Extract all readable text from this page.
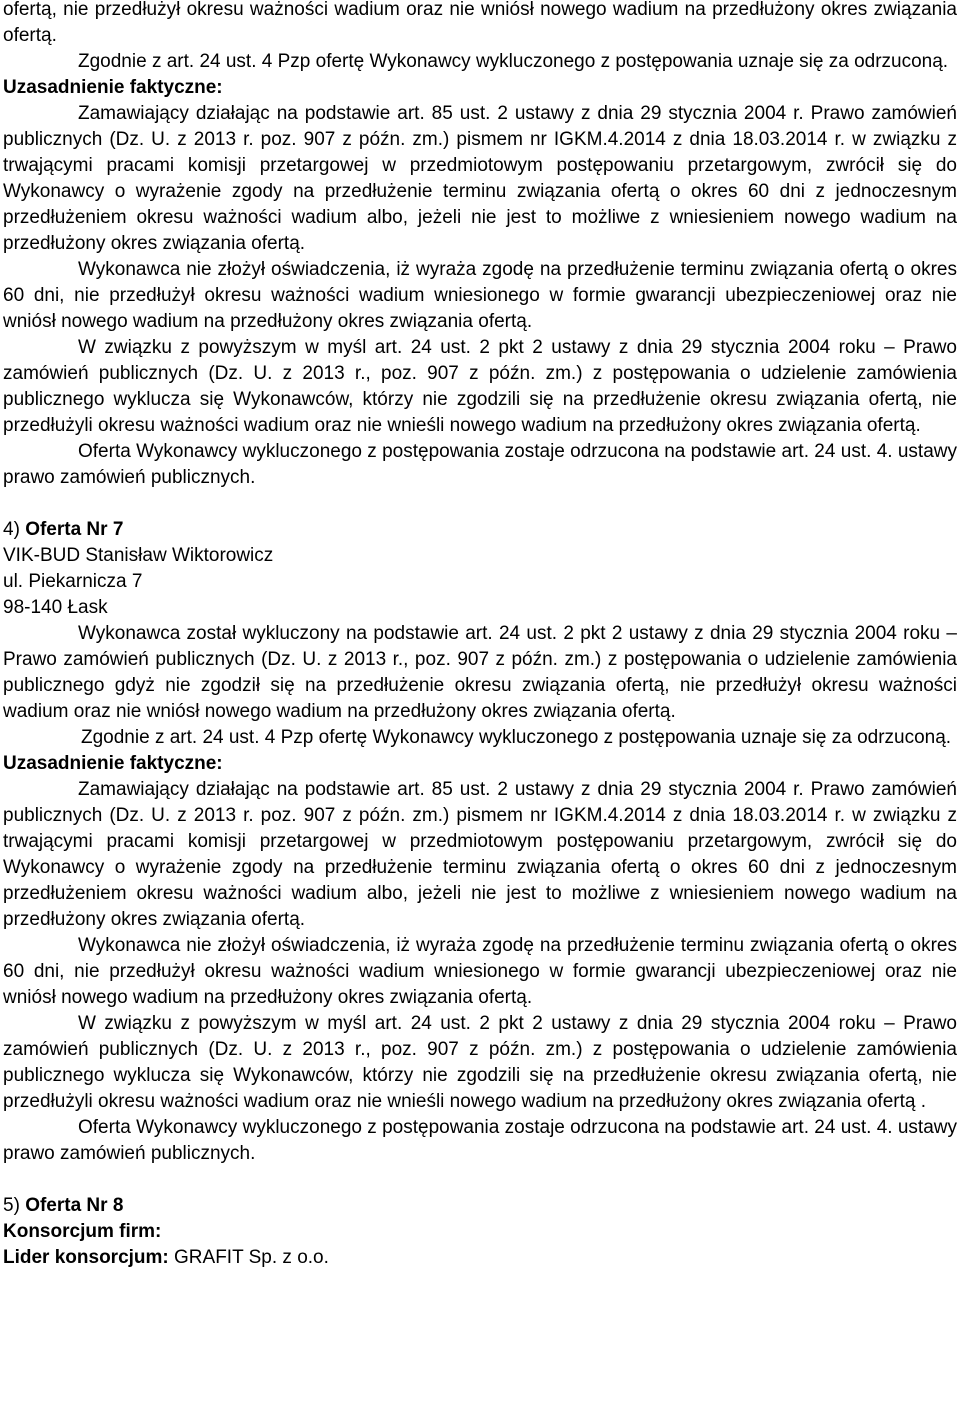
ofertą, nie przedłużył okresu ważności wadium oraz nie wniósł nowego wadium na przedłużony okres związania ofertą.

Zgodnie z art. 24 ust. 4 Pzp ofertę Wykonawcy wykluczonego z postępowania uznaje się za odrzuconą.

Uzasadnienie faktyczne:

Zamawiający działając na podstawie art. 85 ust. 2 ustawy z dnia 29 stycznia 2004 r. Prawo zamówień publicznych (Dz. U. z 2013 r. poz. 907 z późn. zm.) pismem nr IGKM.4.2014 z dnia 18.03.2014 r. w związku z trwającymi pracami komisji przetargowej w przedmiotowym postępowaniu przetargowym, zwrócił się do Wykonawcy o wyrażenie zgody na przedłużenie terminu związania ofertą o okres 60 dni z jednoczesnym przedłużeniem okresu ważności wadium albo, jeżeli nie jest to możliwe z wniesieniem nowego wadium na przedłużony okres związania ofertą.

Wykonawca nie złożył oświadczenia, iż wyraża zgodę na przedłużenie terminu związania ofertą o okres 60 dni, nie przedłużył okresu ważności wadium wniesionego w formie gwarancji ubezpieczeniowej oraz nie wniósł nowego wadium na przedłużony okres związania ofertą.

W związku z powyższym w myśl art. 24 ust. 2 pkt 2 ustawy z dnia 29 stycznia 2004 roku – Prawo zamówień publicznych (Dz. U. z 2013 r., poz. 907 z późn. zm.) z postępowania o udzielenie zamówienia publicznego wyklucza się Wykonawców, którzy nie zgodzili się na przedłużenie okresu związania ofertą, nie przedłużyli okresu ważności wadium oraz nie wnieśli nowego wadium na przedłużony okres związania ofertą.

Oferta Wykonawcy wykluczonego z postępowania zostaje odrzucona na podstawie art. 24 ust. 4. ustawy prawo zamówień publicznych.

4) Oferta Nr 7

VIK-BUD Stanisław Wiktorowicz

ul. Piekarnicza 7

98-140 Łask

Wykonawca został wykluczony na podstawie art. 24 ust. 2 pkt 2 ustawy z dnia 29 stycznia 2004 roku – Prawo zamówień publicznych (Dz. U. z 2013 r., poz. 907 z późn. zm.) z postępowania o udzielenie zamówienia publicznego gdyż nie zgodził się na przedłużenie okresu związania ofertą, nie przedłużył okresu ważności wadium oraz nie wniósł nowego wadium na przedłużony okres związania ofertą.

Zgodnie z art. 24 ust. 4 Pzp ofertę Wykonawcy wykluczonego z postępowania uznaje się za odrzuconą.

Uzasadnienie faktyczne:

Zamawiający działając na podstawie art. 85 ust. 2 ustawy z dnia 29 stycznia 2004 r. Prawo zamówień publicznych (Dz. U. z 2013 r. poz. 907 z późn. zm.) pismem nr IGKM.4.2014 z dnia 18.03.2014 r. w związku z trwającymi pracami komisji przetargowej w przedmiotowym postępowaniu przetargowym, zwrócił się do Wykonawcy o wyrażenie zgody na przedłużenie terminu związania ofertą o okres 60 dni z jednoczesnym przedłużeniem okresu ważności wadium albo, jeżeli nie jest to możliwe z wniesieniem nowego wadium na przedłużony okres związania ofertą.

Wykonawca nie złożył oświadczenia, iż wyraża zgodę na przedłużenie terminu związania ofertą o okres 60 dni, nie przedłużył okresu ważności wadium wniesionego w formie gwarancji ubezpieczeniowej oraz nie wniósł nowego wadium na przedłużony okres związania ofertą.

W związku z powyższym w myśl art. 24 ust. 2 pkt 2 ustawy z dnia 29 stycznia 2004 roku – Prawo zamówień publicznych (Dz. U. z 2013 r., poz. 907 z późn. zm.) z postępowania o udzielenie zamówienia publicznego wyklucza się Wykonawców, którzy nie zgodzili się na przedłużenie okresu związania ofertą, nie przedłużyli okresu ważności wadium oraz nie wnieśli nowego wadium na przedłużony okres związania ofertą .

Oferta Wykonawcy wykluczonego z postępowania zostaje odrzucona na podstawie art. 24 ust. 4. ustawy prawo zamówień publicznych.

5) Oferta Nr 8

Konsorcjum firm:

Lider konsorcjum: GRAFIT Sp. z o.o.
